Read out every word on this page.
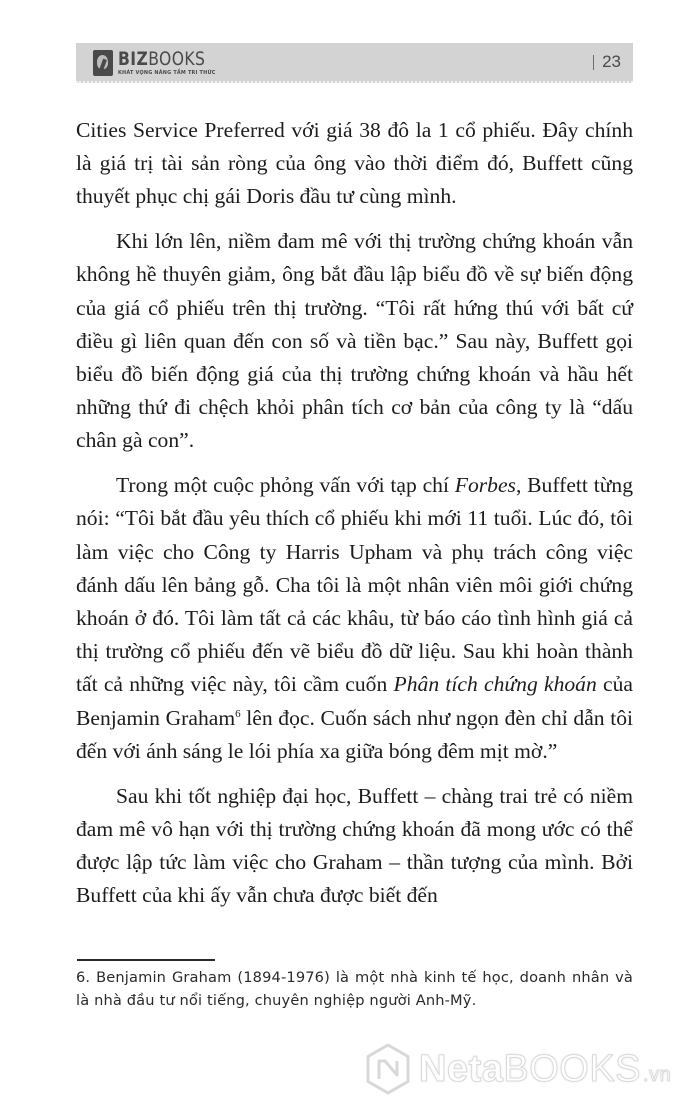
BIZBOOKS
KHÁT VỌNG NÂNG TẦM TRI THỨC
23

Cities Service Preferred với giá 38 đô la 1 cổ phiếu. Đây chính là giá trị tài sản ròng của ông vào thời điểm đó, Buffett cũng thuyết phục chị gái Doris đầu tư cùng mình.

Khi lớn lên, niềm đam mê với thị trường chứng khoán vẫn không hề thuyên giảm, ông bắt đầu lập biểu đồ về sự biến động của giá cổ phiếu trên thị trường. “Tôi rất hứng thú với bất cứ điều gì liên quan đến con số và tiền bạc.” Sau này, Buffett gọi biểu đồ biến động giá của thị trường chứng khoán và hầu hết những thứ đi chệch khỏi phân tích cơ bản của công ty là “dấu chân gà con”.

Trong một cuộc phỏng vấn với tạp chí Forbes, Buffett từng nói: “Tôi bắt đầu yêu thích cổ phiếu khi mới 11 tuổi. Lúc đó, tôi làm việc cho Công ty Harris Upham và phụ trách công việc đánh dấu lên bảng gỗ. Cha tôi là một nhân viên môi giới chứng khoán ở đó. Tôi làm tất cả các khâu, từ báo cáo tình hình giá cả thị trường cổ phiếu đến vẽ biểu đồ dữ liệu. Sau khi hoàn thành tất cả những việc này, tôi cầm cuốn Phân tích chứng khoán của Benjamin Graham$^6$ lên đọc. Cuốn sách như ngọn đèn chỉ dẫn tôi đến với ánh sáng le lói phía xa giữa bóng đêm mịt mờ.”

Sau khi tốt nghiệp đại học, Buffett – chàng trai trẻ có niềm đam mê vô hạn với thị trường chứng khoán đã mong ước có thể được lập tức làm việc cho Graham – thần tượng của mình. Bởi Buffett của khi ấy vẫn chưa được biết đến

6. Benjamin Graham (1894-1976) là một nhà kinh tế học, doanh nhân và là nhà đầu tư nổi tiếng, chuyên nghiệp người Anh-Mỹ.
NetaBOOKS .vn
